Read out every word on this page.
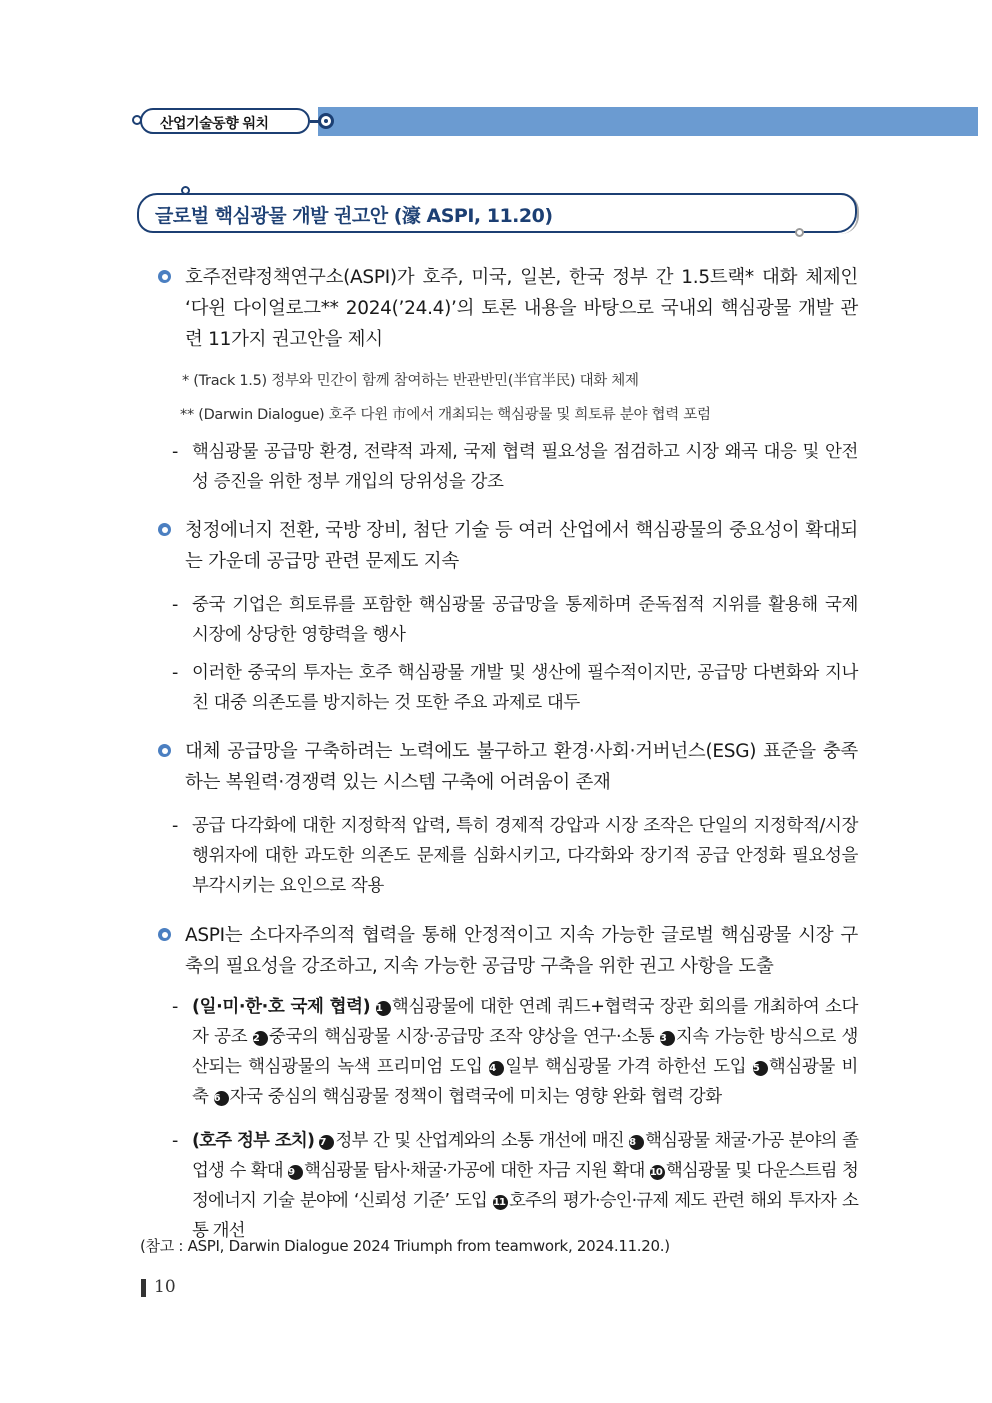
산업기술동향 워치
글로벌 핵심광물 개발 권고안 (濠 ASPI, 11.20)
호주전략정책연구소(ASPI)가 호주, 미국, 일본, 한국 정부 간 1.5트랙* 대화 체제인 ‘다윈 다이얼로그** 2024(’24.4)’의 토론 내용을 바탕으로 국내외 핵심광물 개발 관련 11가지 권고안을 제시
* (Track 1.5) 정부와 민간이 함께 참여하는 반관반민(半官半民) 대화 체제
** (Darwin Dialogue) 호주 다윈 市에서 개최되는 핵심광물 및 희토류 분야 협력 포럼
- 핵심광물 공급망 환경, 전략적 과제, 국제 협력 필요성을 점검하고 시장 왜곡 대응 및 안전성 증진을 위한 정부 개입의 당위성을 강조
청정에너지 전환, 국방 장비, 첨단 기술 등 여러 산업에서 핵심광물의 중요성이 확대되는 가운데 공급망 관련 문제도 지속
- 중국 기업은 희토류를 포함한 핵심광물 공급망을 통제하며 준독점적 지위를 활용해 국제 시장에 상당한 영향력을 행사
- 이러한 중국의 투자는 호주 핵심광물 개발 및 생산에 필수적이지만, 공급망 다변화와 지나친 대중 의존도를 방지하는 것 또한 주요 과제로 대두
대체 공급망을 구축하려는 노력에도 불구하고 환경·사회·거버넌스(ESG) 표준을 충족하는 복원력·경쟁력 있는 시스템 구축에 어려움이 존재
- 공급 다각화에 대한 지정학적 압력, 특히 경제적 강압과 시장 조작은 단일의 지정학적/시장 행위자에 대한 과도한 의존도 문제를 심화시키고, 다각화와 장기적 공급 안정화 필요성을 부각시키는 요인으로 작용
ASPI는 소다자주의적 협력을 통해 안정적이고 지속 가능한 글로벌 핵심광물 시장 구축의 필요성을 강조하고, 지속 가능한 공급망 구축을 위한 권고 사항을 도출
- (일·미·한·호 국제 협력) 1 핵심광물에 대한 연례 쿼드+협력국 장관 회의를 개최하여 소다자 공조 2 중국의 핵심광물 시장·공급망 조작 양상을 연구·소통 3 지속 가능한 방식으로 생산되는 핵심광물의 녹색 프리미엄 도입 4 일부 핵심광물 가격 하한선 도입 5 핵심광물 비축 6 자국 중심의 핵심광물 정책이 협력국에 미치는 영향 완화 협력 강화
- (호주 정부 조치) 7 정부 간 및 산업계와의 소통 개선에 매진 8 핵심광물 채굴·가공 분야의 졸업생 수 확대 9 핵심광물 탐사·채굴·가공에 대한 자금 지원 확대 10 핵심광물 및 다운스트림 청정에너지 기술 분야에 ‘신뢰성 기준’ 도입 11 호주의 평가·승인·규제 제도 관련 해외 투자자 소통 개선
(참고 : ASPI, Darwin Dialogue 2024 Triumph from teamwork, 2024.11.20.)
10
